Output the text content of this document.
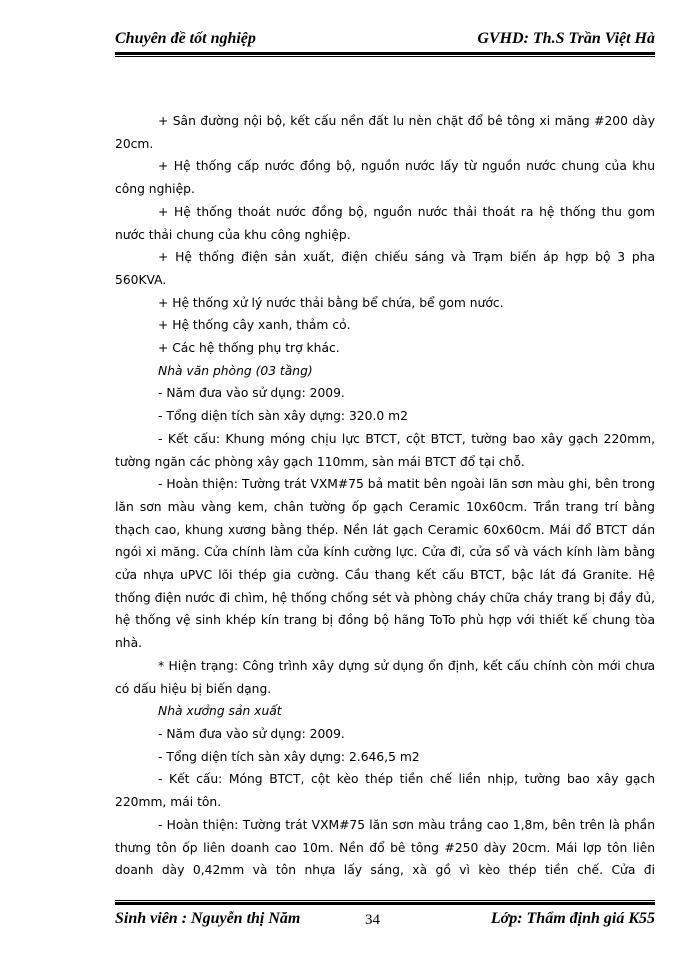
Chuyên đề tốt nghiệp	GVHD: Th.S Trần Việt Hà

+ Sân đường nội bộ, kết cấu nền đất lu nèn chặt đổ bê tông xi măng #200 dày 20cm.

+ Hệ thống cấp nước đồng bộ, nguồn nước lấy từ nguồn nước chung của khu công nghiệp.

+ Hệ thống thoát nước đồng bộ, nguồn nước thải thoát ra hệ thống thu gom nước thải chung của khu công nghiệp.

+ Hệ thống điện sản xuất, điện chiếu sáng và Trạm biến áp hợp bộ 3 pha 560KVA.

+ Hệ thống xử lý nước thải bằng bể chứa, bể gom nước.

+ Hệ thống cây xanh, thảm cỏ.

+ Các hệ thống phụ trợ khác.

Nhà văn phòng (03 tầng)

- Năm đưa vào sử dụng: 2009.

- Tổng diện tích sàn xây dựng: 320.0 m2

- Kết cấu: Khung móng chịu lực BTCT, cột BTCT, tường bao xây gạch 220mm, tường ngăn các phòng xây gạch 110mm, sàn mái BTCT đổ tại chỗ.

- Hoàn thiện: Tường trát VXM#75 bả matit bên ngoài lăn sơn màu ghi, bên trong lăn sơn màu vàng kem, chân tường ốp gạch Ceramic 10x60cm. Trần trang trí bằng thạch cao, khung xương bằng thép. Nền lát gạch Ceramic 60x60cm. Mái đổ BTCT dán ngói xi măng. Cửa chính làm cửa kính cường lực. Cửa đi, cửa sổ và vách kính làm bằng cửa nhựa uPVC lõi thép gia cường. Cầu thang kết cấu BTCT, bậc lát đá Granite. Hệ thống điện nước đi chìm, hệ thống chống sét và phòng cháy chữa cháy trang bị đầy đủ, hệ thống vệ sinh khép kín trang bị đồng bộ hãng ToTo phù hợp với thiết kế chung tòa nhà.

* Hiện trạng: Công trình xây dựng sử dụng ổn định, kết cấu chính còn mới chưa có dấu hiệu bị biến dạng.

Nhà xưởng sản xuất

- Năm đưa vào sử dụng: 2009.

- Tổng diện tích sàn xây dựng: 2.646,5 m2

- Kết cấu: Móng BTCT, cột kèo thép tiền chế liền nhịp, tường bao xây gạch 220mm, mái tôn.

- Hoàn thiện: Tường trát VXM#75 lăn sơn màu trắng cao 1,8m, bên trên là phần thưng tôn ốp liên doanh cao 10m. Nền đổ bê tông #250 dày 20cm. Mái lợp tôn liên doanh dày 0,42mm và tôn nhựa lấy sáng, xà gồ vì kèo thép tiền chế. Cửa đi

Sinh viên : Nguyễn thị Năm	34	Lớp: Thẩm định giá K55
